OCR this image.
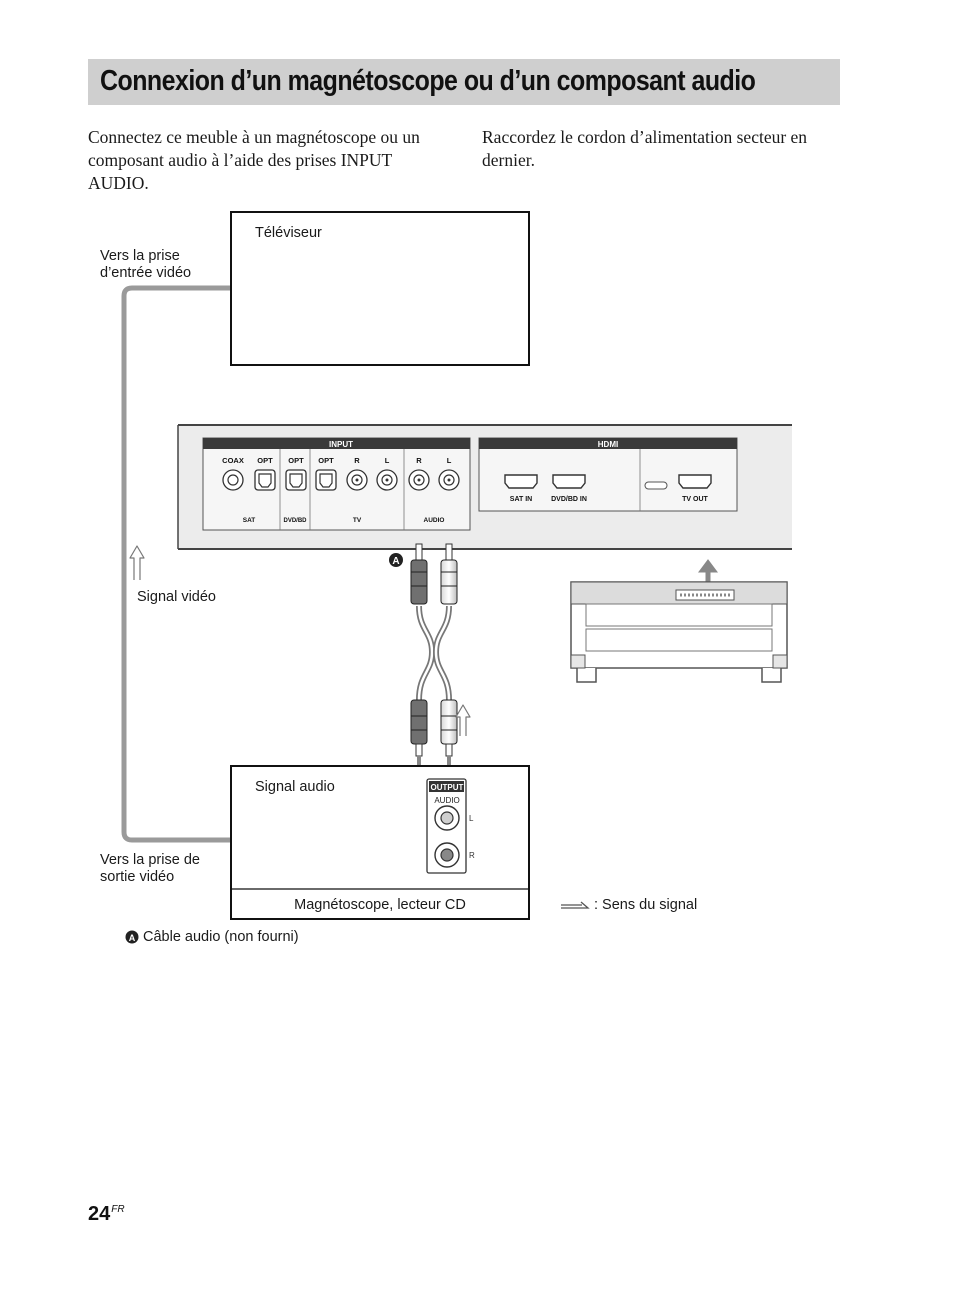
Connexion d’un magnétoscope ou d’un composant audio

Connectez ce meuble à un magnétoscope ou un composant audio à l’aide des prises INPUT AUDIO.

Raccordez le cordon d’alimentation secteur en dernier.

INPUT
COAX OPT OPT OPT	R	L	R	L
SAT	DVD/BD	TV	AUDIO
HDMI
SAT IN	DVD/BD IN	TV OUT
A
OUTPUT
AUDIO
L
R
A
Téléviseur
Vers la prise
d’entrée vidéo
Signal vidéo
Signal audio
Vers la prise de
sortie vidéo
Magnétoscope, lecteur CD	: Sens du signal
Câble audio (non fourni)
$24^{FR}$
